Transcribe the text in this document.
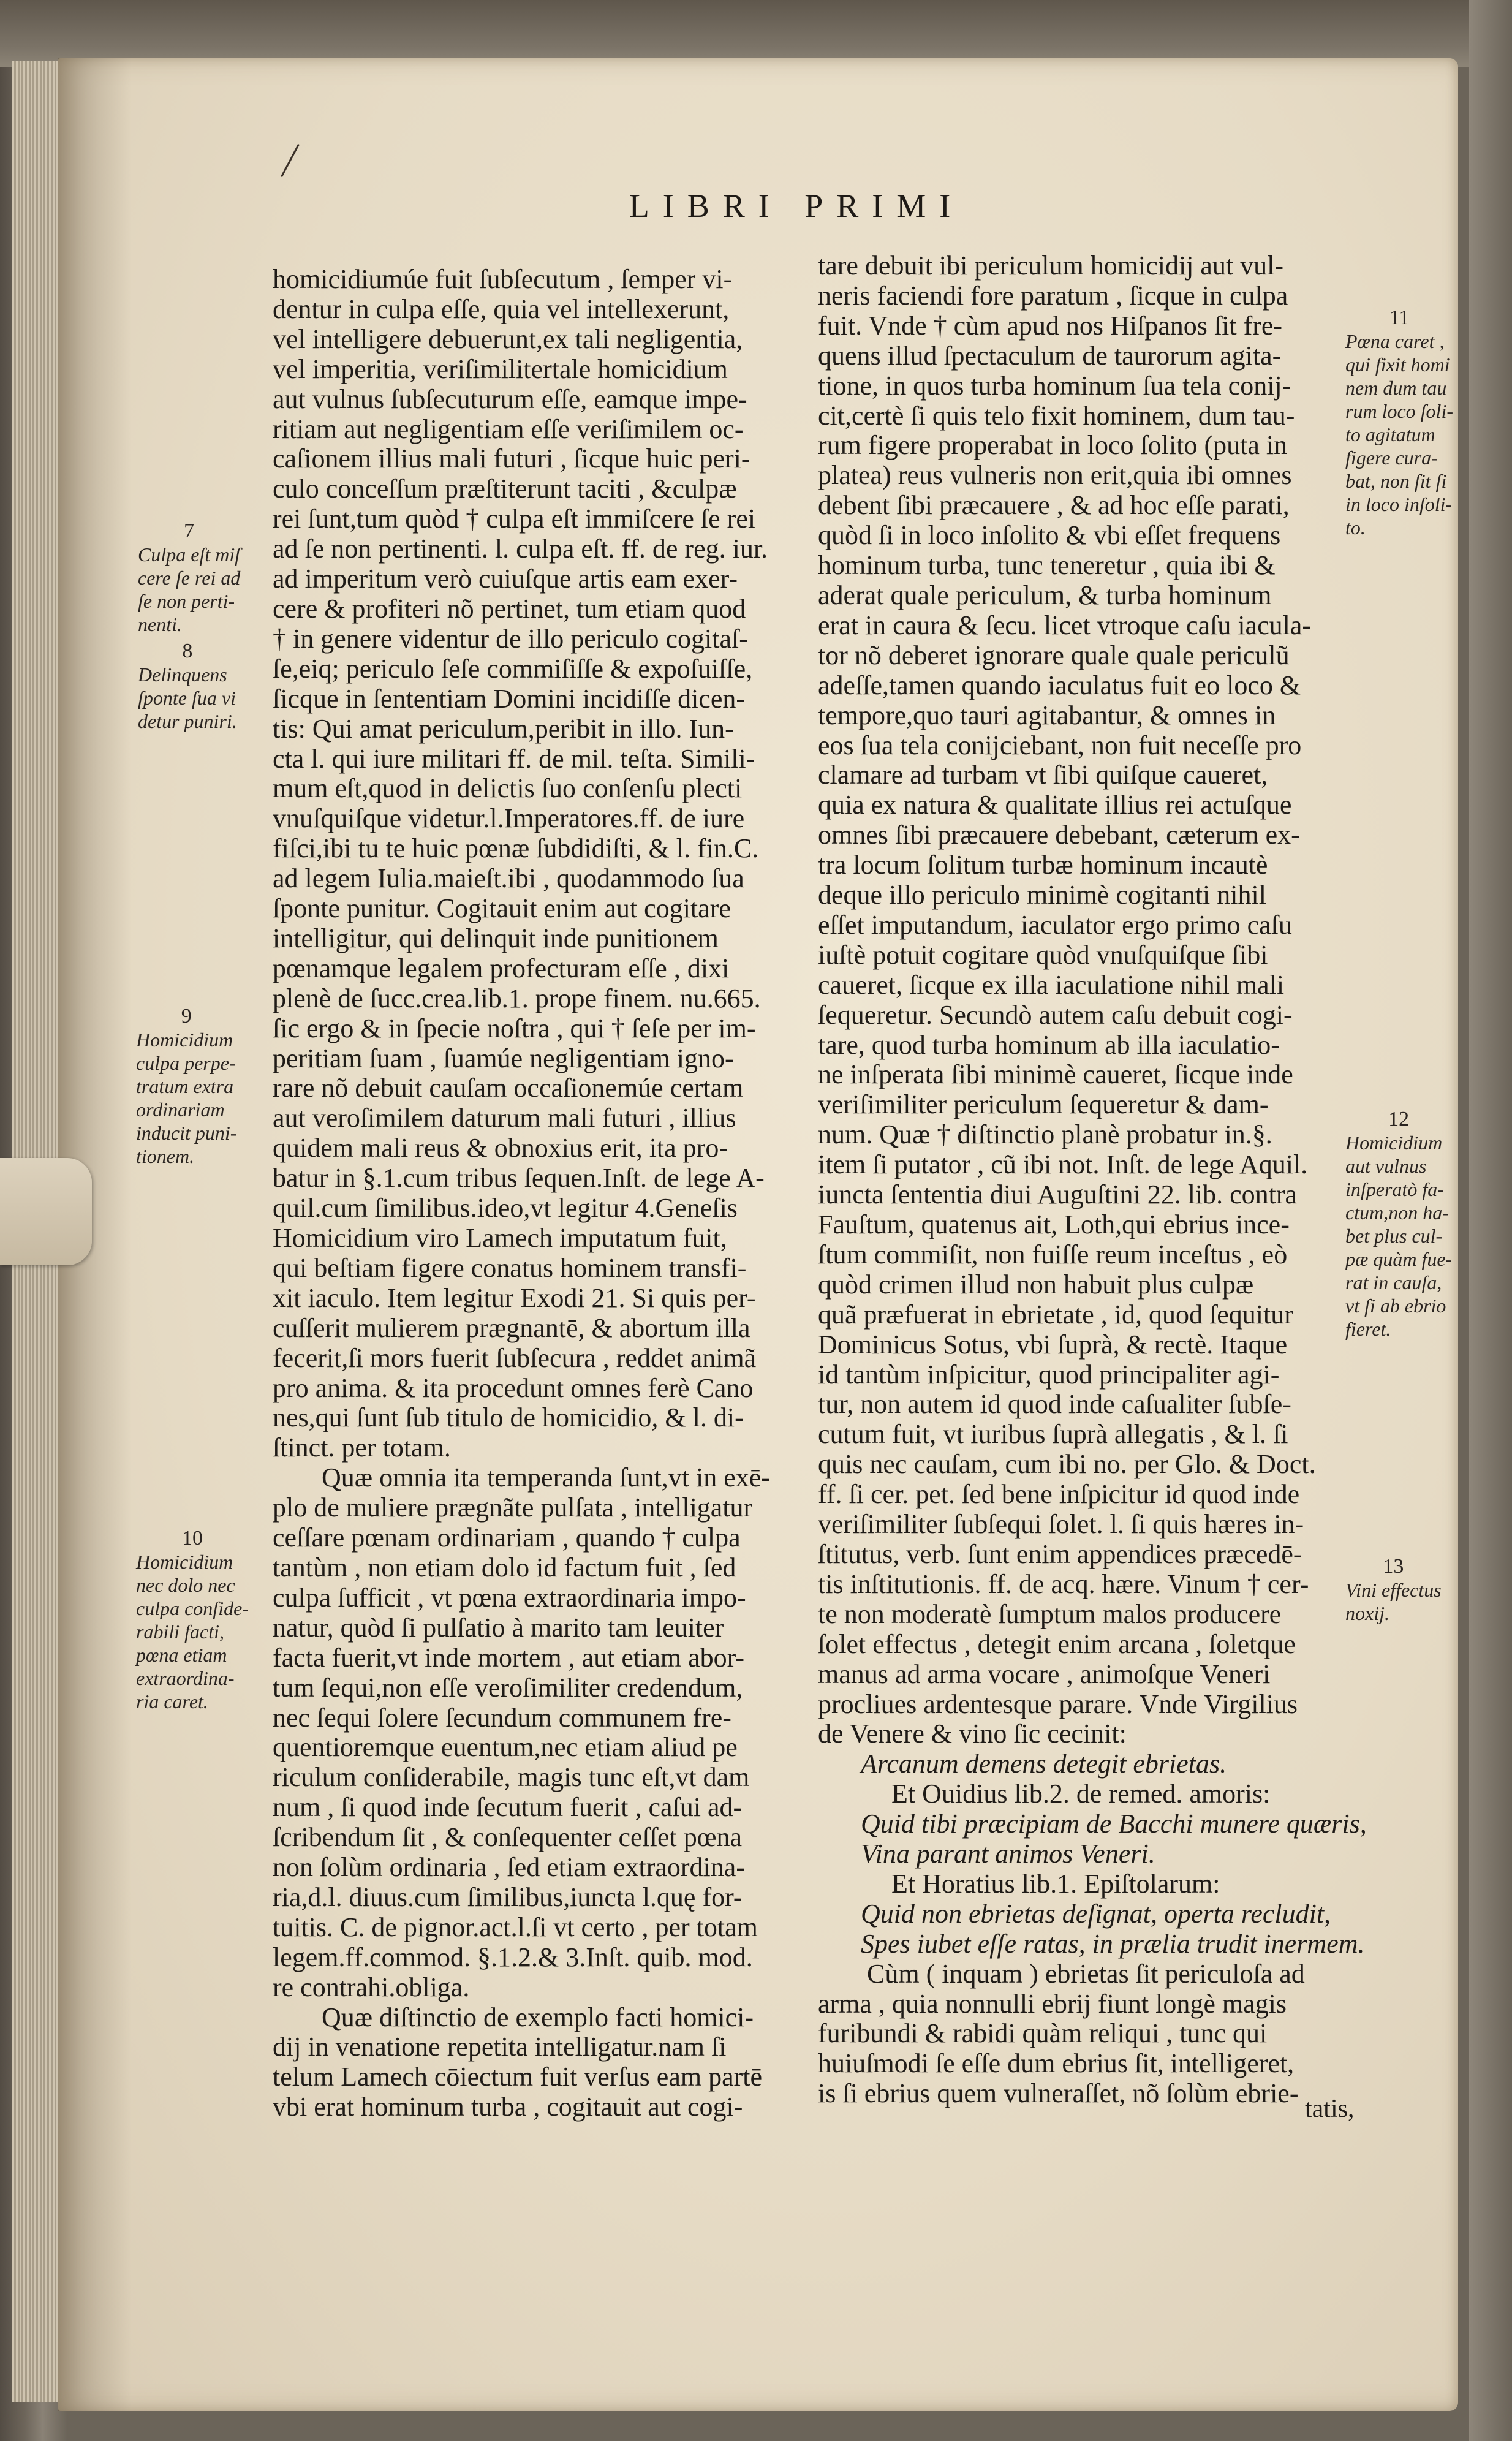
LIBRI PRIMI
homicidiumúe fuit ſubſecutum , ſemper vi-
dentur in culpa eſſe, quia vel intellexerunt,
vel intelligere debuerunt,ex tali negligentia,
vel imperitia, veriſimilitertale homicidium
aut vulnus ſubſecuturum eſſe, eamque impe-
ritiam aut negligentiam eſſe veriſimilem oc-
caſionem illius mali futuri , ſicque huic peri-
culo conceſſum præſtiterunt taciti , &culpæ
rei ſunt,tum quòd † culpa eſt immiſcere ſe rei
ad ſe non pertinenti. l. culpa eſt. ff. de reg. iur.
ad imperitum verò cuiuſque artis eam exer-
cere & profiteri nõ pertinet, tum etiam quod
† in genere videntur de illo periculo cogitaſ-
ſe,eiq; periculo ſeſe commiſiſſe & expoſuiſſe,
ſicque in ſententiam Domini incidiſſe dicen-
tis: Qui amat periculum,peribit in illo. Iun-
cta l. qui iure militari ff. de mil. teſta. Simili-
mum eſt,quod in delictis ſuo conſenſu plecti
vnuſquiſque videtur.l.Imperatores.ff. de iure
fiſci,ibi tu te huic pœnæ ſubdidiſti, & l. fin.C.
ad legem Iulia.maieſt.ibi , quodammodo ſua
ſponte punitur. Cogitauit enim aut cogitare
intelligitur, qui delinquit inde punitionem
pœnamque legalem profecturam eſſe , dixi
plenè de ſucc.crea.lib.1. prope finem. nu.665.
ſic ergo & in ſpecie noſtra , qui † ſeſe per im-
peritiam ſuam , ſuamúe negligentiam igno-
rare nõ debuit cauſam occaſionemúe certam
aut veroſimilem daturum mali futuri , illius
quidem mali reus & obnoxius erit, ita pro-
batur in §.1.cum tribus ſequen.Inſt. de lege A-
quil.cum ſimilibus.ideo,vt legitur 4.Geneſis
Homicidium viro Lamech imputatum fuit,
qui beſtiam figere conatus hominem transfi-
xit iaculo. Item legitur Exodi 21. Si quis per-
cuſſerit mulierem prægnantē, & abortum illa
fecerit,ſi mors fuerit ſubſecura , reddet animã
pro anima. & ita procedunt omnes ferè Cano
nes,qui ſunt ſub titulo de homicidio, & l. di-
ſtinct. per totam.
Quæ omnia ita temperanda ſunt,vt in exē-
plo de muliere prægnãte pulſata , intelligatur
ceſſare pœnam ordinariam , quando † culpa
tantùm , non etiam dolo id factum fuit , ſed
culpa ſufficit , vt pœna extraordinaria impo-
natur, quòd ſi pulſatio à marito tam leuiter
facta fuerit,vt inde mortem , aut etiam abor-
tum ſequi,non eſſe veroſimiliter credendum,
nec ſequi ſolere ſecundum communem fre-
quentioremque euentum,nec etiam aliud pe
riculum conſiderabile, magis tunc eſt,vt dam
num , ſi quod inde ſecutum fuerit , caſui ad-
ſcribendum ſit , & conſequenter ceſſet pœna
non ſolùm ordinaria , ſed etiam extraordina-
ria,d.l. diuus.cum ſimilibus,iuncta l.quę for-
tuitis. C. de pignor.act.l.ſi vt certo , per totam
legem.ff.commod. §.1.2.& 3.Inſt. quib. mod.
re contrahi.obliga.
Quæ diſtinctio de exemplo facti homici-
dij in venatione repetita intelligatur.nam ſi
telum Lamech cōiectum fuit verſus eam partē
vbi erat hominum turba , cogitauit aut cogi-
tare debuit ibi periculum homicidij aut vul-
neris faciendi fore paratum , ſicque in culpa
fuit. Vnde † cùm apud nos Hiſpanos ſit fre-
quens illud ſpectaculum de taurorum agita-
tione, in quos turba hominum ſua tela conij-
cit,certè ſi quis telo fixit hominem, dum tau-
rum figere properabat in loco ſolito (puta in
platea) reus vulneris non erit,quia ibi omnes
debent ſibi præcauere , & ad hoc eſſe parati,
quòd ſi in loco inſolito & vbi eſſet frequens
hominum turba, tunc teneretur , quia ibi &
aderat quale periculum, & turba hominum
erat in caura & ſecu. licet vtroque caſu iacula-
tor nõ deberet ignorare quale quale periculũ
adeſſe,tamen quando iaculatus fuit eo loco &
tempore,quo tauri agitabantur, & omnes in
eos ſua tela conijciebant, non fuit neceſſe pro
clamare ad turbam vt ſibi quiſque caueret,
quia ex natura & qualitate illius rei actuſque
omnes ſibi præcauere debebant, cæterum ex-
tra locum ſolitum turbæ hominum incautè
deque illo periculo minimè cogitanti nihil
eſſet imputandum, iaculator ergo primo caſu
iuſtè potuit cogitare quòd vnuſquiſque ſibi
caueret, ſicque ex illa iaculatione nihil mali
ſequeretur. Secundò autem caſu debuit cogi-
tare, quod turba hominum ab illa iaculatio-
ne inſperata ſibi minimè caueret, ſicque inde
veriſimiliter periculum ſequeretur & dam-
num. Quæ † diſtinctio planè probatur in.§.
item ſi putator , cũ ibi not. Inſt. de lege Aquil.
iuncta ſententia diui Auguſtini 22. lib. contra
Fauſtum, quatenus ait, Loth,qui ebrius ince-
ſtum commiſit, non fuiſſe reum inceſtus , eò
quòd crimen illud non habuit plus culpæ
quã præfuerat in ebrietate , id, quod ſequitur
Dominicus Sotus, vbi ſuprà, & rectè. Itaque
id tantùm inſpicitur, quod principaliter agi-
tur, non autem id quod inde caſualiter ſubſe-
cutum fuit, vt iuribus ſuprà allegatis , & l. ſi
quis nec cauſam, cum ibi no. per Glo. & Doct.
ff. ſi cer. pet. ſed bene inſpicitur id quod inde
veriſimiliter ſubſequi ſolet. l. ſi quis hæres in-
ſtitutus, verb. ſunt enim appendices præcedē-
tis inſtitutionis. ff. de acq. hære. Vinum † cer-
te non moderatè ſumptum malos producere
ſolet effectus , detegit enim arcana , ſoletque
manus ad arma vocare , animoſque Veneri
procliues ardentesque parare. Vnde Virgilius
de Venere & vino ſic cecinit:
Arcanum demens detegit ebrietas.
Et Ouidius lib.2. de remed. amoris:
Quid tibi præcipiam de Bacchi munere quæris,
Vina parant animos Veneri.
Et Horatius lib.1. Epiſtolarum:
Quid non ebrietas deſignat, operta recludit,
Spes iubet eſſe ratas, in prælia trudit inermem.
Cùm ( inquam ) ebrietas ſit periculoſa ad
arma , quia nonnulli ebrij fiunt longè magis
furibundi & rabidi quàm reliqui , tunc qui
huiuſmodi ſe eſſe dum ebrius ſit, intelligeret,
is ſi ebrius quem vulneraſſet, nõ ſolùm ebrie-
tatis,
7
Culpa eſt miſ
cere ſe rei ad
ſe non perti-
nenti.
8
Delinquens
ſponte ſua vi
detur puniri.
9
Homicidium
culpa perpe-
tratum extra
ordinariam
inducit puni-
tionem.
10
Homicidium
nec dolo nec
culpa conſide-
rabili facti,
pœna etiam
extraordina-
ria caret.
11
Pœna caret ,
qui fixit homi
nem dum tau
rum loco ſoli-
to agitatum
figere cura-
bat, non ſit ſi
in loco inſoli-
to.
12
Homicidium
aut vulnus
inſperatò fa-
ctum,non ha-
bet plus cul-
pæ quàm fue-
rat in cauſa,
vt ſi ab ebrio
fieret.
13
Vini effectus
noxij.
